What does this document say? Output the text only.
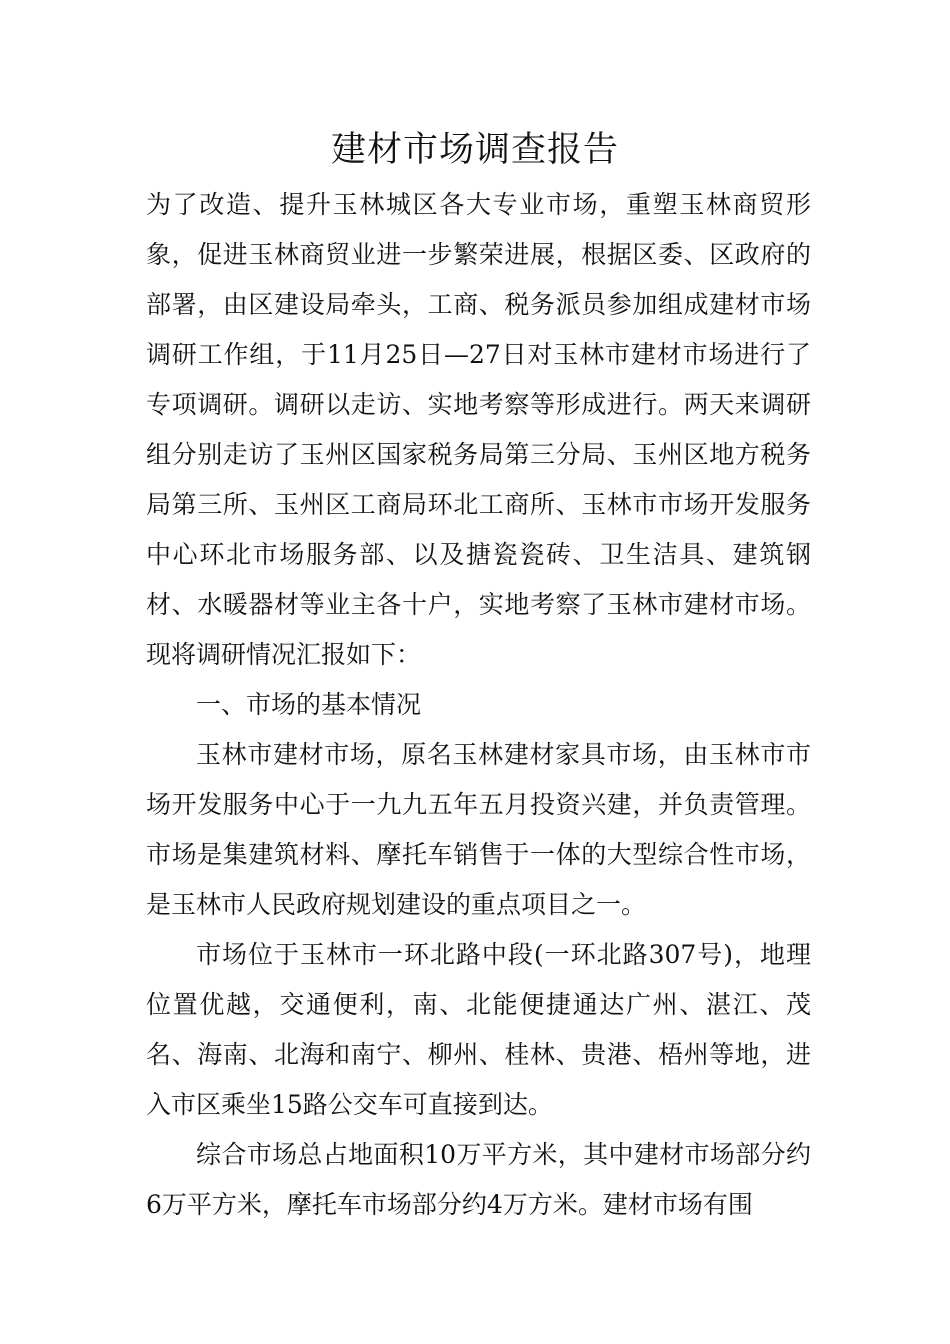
建材市场调查报告

为了改造、提升玉林城区各大专业市场，重塑玉林商贸形象，促进玉林商贸业进一步繁荣进展，根据区委、区政府的部署，由区建设局牵头，工商、税务派员参加组成建材市场调研工作组，于11月25日—27日对玉林市建材市场进行了专项调研。调研以走访、实地考察等形成进行。两天来调研组分别走访了玉州区国家税务局第三分局、玉州区地方税务局第三所、玉州区工商局环北工商所、玉林市市场开发服务中心环北市场服务部、以及搪瓷瓷砖、卫生洁具、建筑钢材、水暖器材等业主各十户，实地考察了玉林市建材市场。现将调研情况汇报如下：

一、市场的基本情况

玉林市建材市场，原名玉林建材家具市场，由玉林市市场开发服务中心于一九九五年五月投资兴建，并负责管理。市场是集建筑材料、摩托车销售于一体的大型综合性市场，是玉林市人民政府规划建设的重点项目之一。

市场位于玉林市一环北路中段(一环北路307号)，地理位置优越，交通便利，南、北能便捷通达广州、湛江、茂名、海南、北海和南宁、柳州、桂林、贵港、梧州等地，进入市区乘坐15路公交车可直接到达。

综合市场总占地面积10万平方米，其中建材市场部分约6万平方米，摩托车市场部分约4万方米。建材市场有围
